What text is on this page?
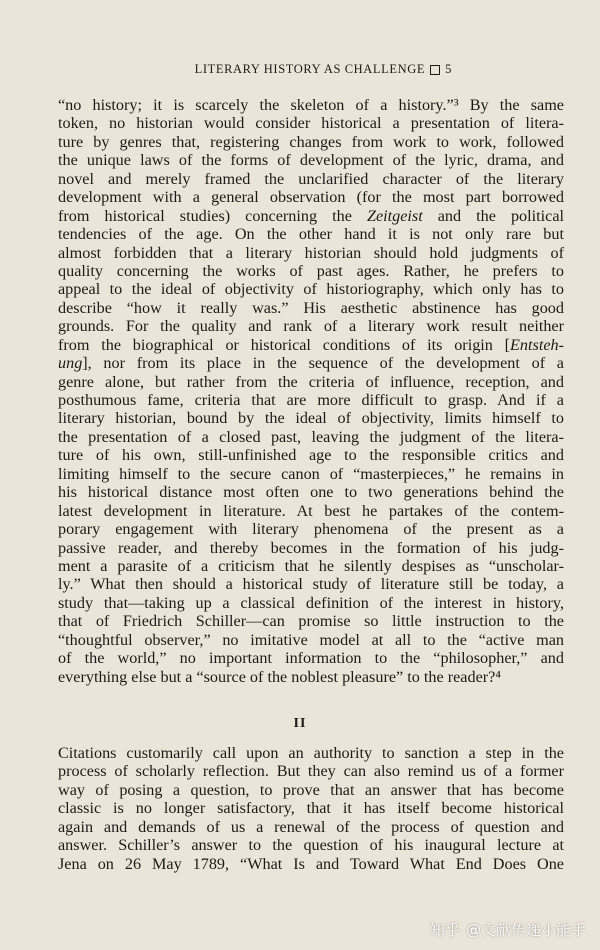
LITERARY HISTORY AS CHALLENGE 5
“no history; it is scarcely the skeleton of a history.”³ By the same
token, no historian would consider historical a presentation of litera-
ture by genres that, registering changes from work to work, followed
the unique laws of the forms of development of the lyric, drama, and
novel and merely framed the unclarified character of the literary
development with a general observation (for the most part borrowed
from historical studies) concerning the Zeitgeist and the political
tendencies of the age. On the other hand it is not only rare but
almost forbidden that a literary historian should hold judgments of
quality concerning the works of past ages. Rather, he prefers to
appeal to the ideal of objectivity of historiography, which only has to
describe “how it really was.” His aesthetic abstinence has good
grounds. For the quality and rank of a literary work result neither
from the biographical or historical conditions of its origin [Entsteh-
ung], nor from its place in the sequence of the development of a
genre alone, but rather from the criteria of influence, reception, and
posthumous fame, criteria that are more difficult to grasp. And if a
literary historian, bound by the ideal of objectivity, limits himself to
the presentation of a closed past, leaving the judgment of the litera-
ture of his own, still-unfinished age to the responsible critics and
limiting himself to the secure canon of “masterpieces,” he remains in
his historical distance most often one to two generations behind the
latest development in literature. At best he partakes of the contem-
porary engagement with literary phenomena of the present as a
passive reader, and thereby becomes in the formation of his judg-
ment a parasite of a criticism that he silently despises as “unscholar-
ly.” What then should a historical study of literature still be today, a
study that—taking up a classical definition of the interest in history,
that of Friedrich Schiller—can promise so little instruction to the
“thoughtful observer,” no imitative model at all to the “active man
of the world,” no important information to the “philosopher,” and
everything else but a “source of the noblest pleasure” to the reader?⁴
II
Citations customarily call upon an authority to sanction a step in the
process of scholarly reflection. But they can also remind us of a former
way of posing a question, to prove that an answer that has become
classic is no longer satisfactory, that it has itself become historical
again and demands of us a renewal of the process of question and
answer. Schiller’s answer to the question of his inaugural lecture at
Jena on 26 May 1789, “What Is and Toward What End Does One
知乎 @文献传递小能手
